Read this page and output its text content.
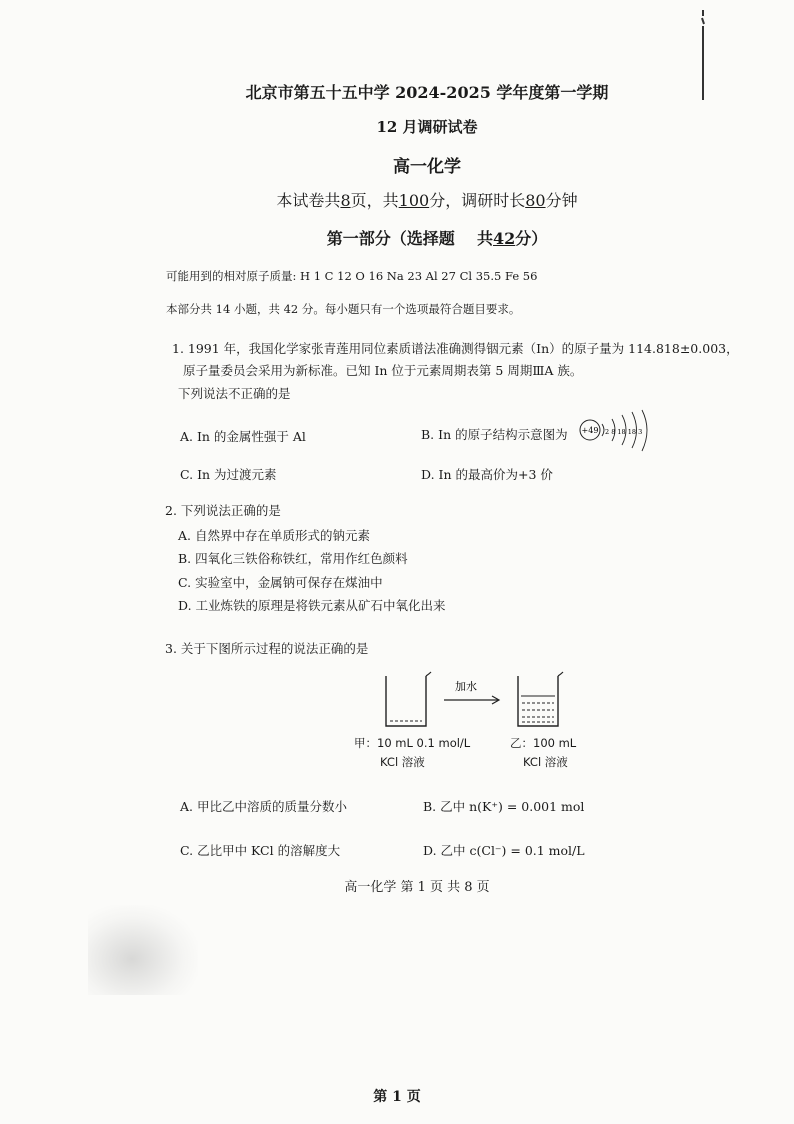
北京市第五十五中学 2024-2025 学年度第一学期
12 月调研试卷
高一化学
本试卷共8页，共100分，调研时长80分钟
第一部分（选择题 共42分）
可能用到的相对原子质量: H 1 C 12 O 16 Na 23 Al 27 Cl 35.5 Fe 56
本部分共 14 小题，共 42 分。每小题只有一个选项最符合题目要求。
1. 1991 年，我国化学家张青莲用同位素质谱法准确测得铟元素（In）的原子量为 114.818±0.003，
原子量委员会采用为新标准。已知 In 位于元素周期表第 5 周期ⅢA 族。
下列说法不正确的是
A. In 的金属性强于 Al	B. In 的原子结构示意图为 +49 2 8 18 18 3
C. In 为过渡元素	D. In 的最高价为+3 价
2. 下列说法正确的是
A. 自然界中存在单质形式的钠元素
B. 四氧化三铁俗称铁红，常用作红色颜料
C. 实验室中，金属钠可保存在煤油中
D. 工业炼铁的原理是将铁元素从矿石中氧化出来
3. 关于下图所示过程的说法正确的是
加水
甲：10 mL 0.1 mol/L
KCl 溶液
乙：100 mL
KCl 溶液
A. 甲比乙中溶质的质量分数小	B. 乙中 n(K⁺) = 0.001 mol
C. 乙比甲中 KCl 的溶解度大	D. 乙中 c(Cl⁻) = 0.1 mol/L
高一化学 第 1 页 共 8 页
第 1 页
